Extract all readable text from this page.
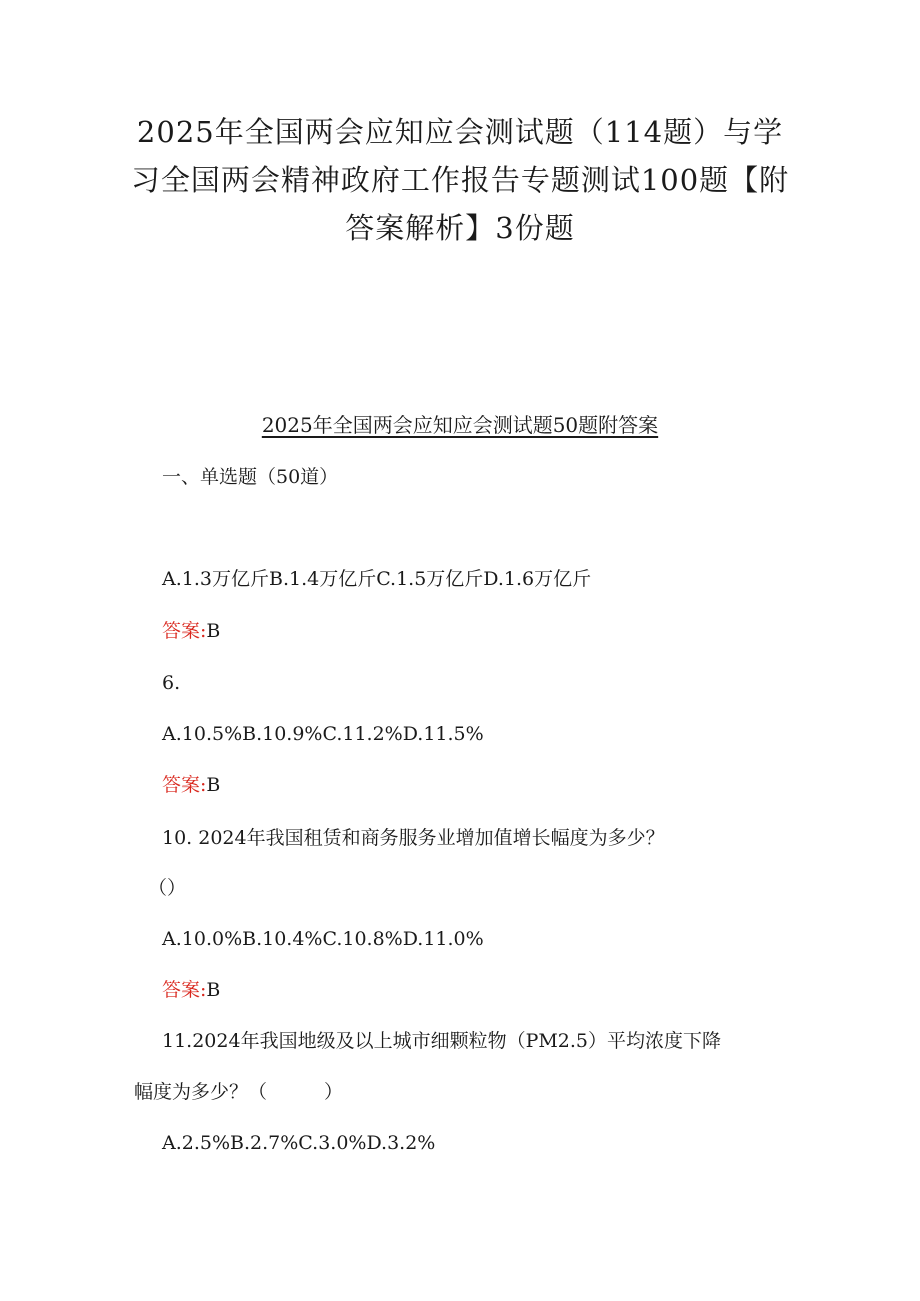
2025年全国两会应知应会测试题（114题）与学习全国两会精神政府工作报告专题测试100题【附答案解析】3份题

2025年全国两会应知应会测试题50题附答案

一、单选题（50道）

A.1.3万亿斤B.1.4万亿斤C.1.5万亿斤D.1.6万亿斤

答案:B

6.

A.10.5%B.10.9%C.11.2%D.11.5%

答案:B

10. 2024年我国租赁和商务服务业增加值增长幅度为多少？

（）

A.10.0%B.10.4%C.10.8%D.11.0%

答案:B

11.2024年我国地级及以上城市细颗粒物（PM2.5）平均浓度下降

幅度为多少？（　　　）

A.2.5%B.2.7%C.3.0%D.3.2%
